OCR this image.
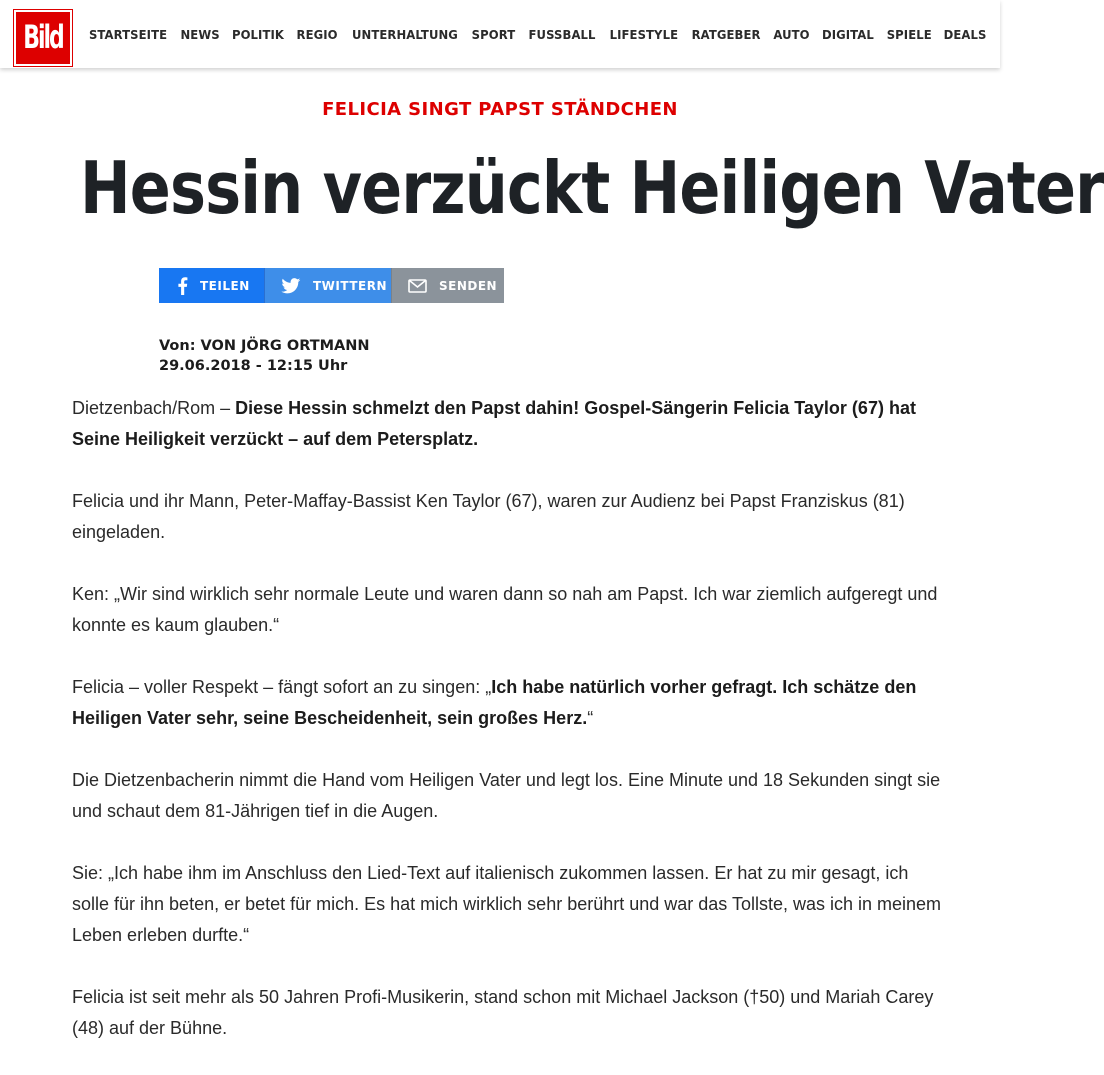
Bild STARTSEITE NEWS POLITIK REGIO UNTERHALTUNG SPORT FUSSBALL LIFESTYLE RATGEBER AUTO DIGITAL SPIELE DEALS
FELICIA SINGT PAPST STÄNDCHEN
Hessin verzückt Heiligen Vater
TEILEN	TWITTERN	SENDEN
Von: VON JÖRG ORTMANN
29.06.2018 - 12:15 Uhr

Dietzenbach/Rom – Diese Hessin schmelzt den Papst dahin! Gospel-Sängerin Felicia Taylor (67) hat Seine Heiligkeit verzückt – auf dem Petersplatz.

Felicia und ihr Mann, Peter-Maffay-Bassist Ken Taylor (67), waren zur Audienz bei Papst Franziskus (81) eingeladen.

Ken: „Wir sind wirklich sehr normale Leute und waren dann so nah am Papst. Ich war ziemlich aufgeregt und konnte es kaum glauben.“

Felicia – voller Respekt – fängt sofort an zu singen: „Ich habe natürlich vorher gefragt. Ich schätze den Heiligen Vater sehr, seine Bescheidenheit, sein großes Herz.“

Die Dietzenbacherin nimmt die Hand vom Heiligen Vater und legt los. Eine Minute und 18 Sekunden singt sie und schaut dem 81-Jährigen tief in die Augen.

Sie: „Ich habe ihm im Anschluss den Lied-Text auf italienisch zukommen lassen. Er hat zu mir gesagt, ich solle für ihn beten, er betet für mich. Es hat mich wirklich sehr berührt und war das Tollste, was ich in meinem Leben erleben durfte.“

Felicia ist seit mehr als 50 Jahren Profi-Musikerin, stand schon mit Michael Jackson (†50) und Mariah Carey (48) auf der Bühne.
